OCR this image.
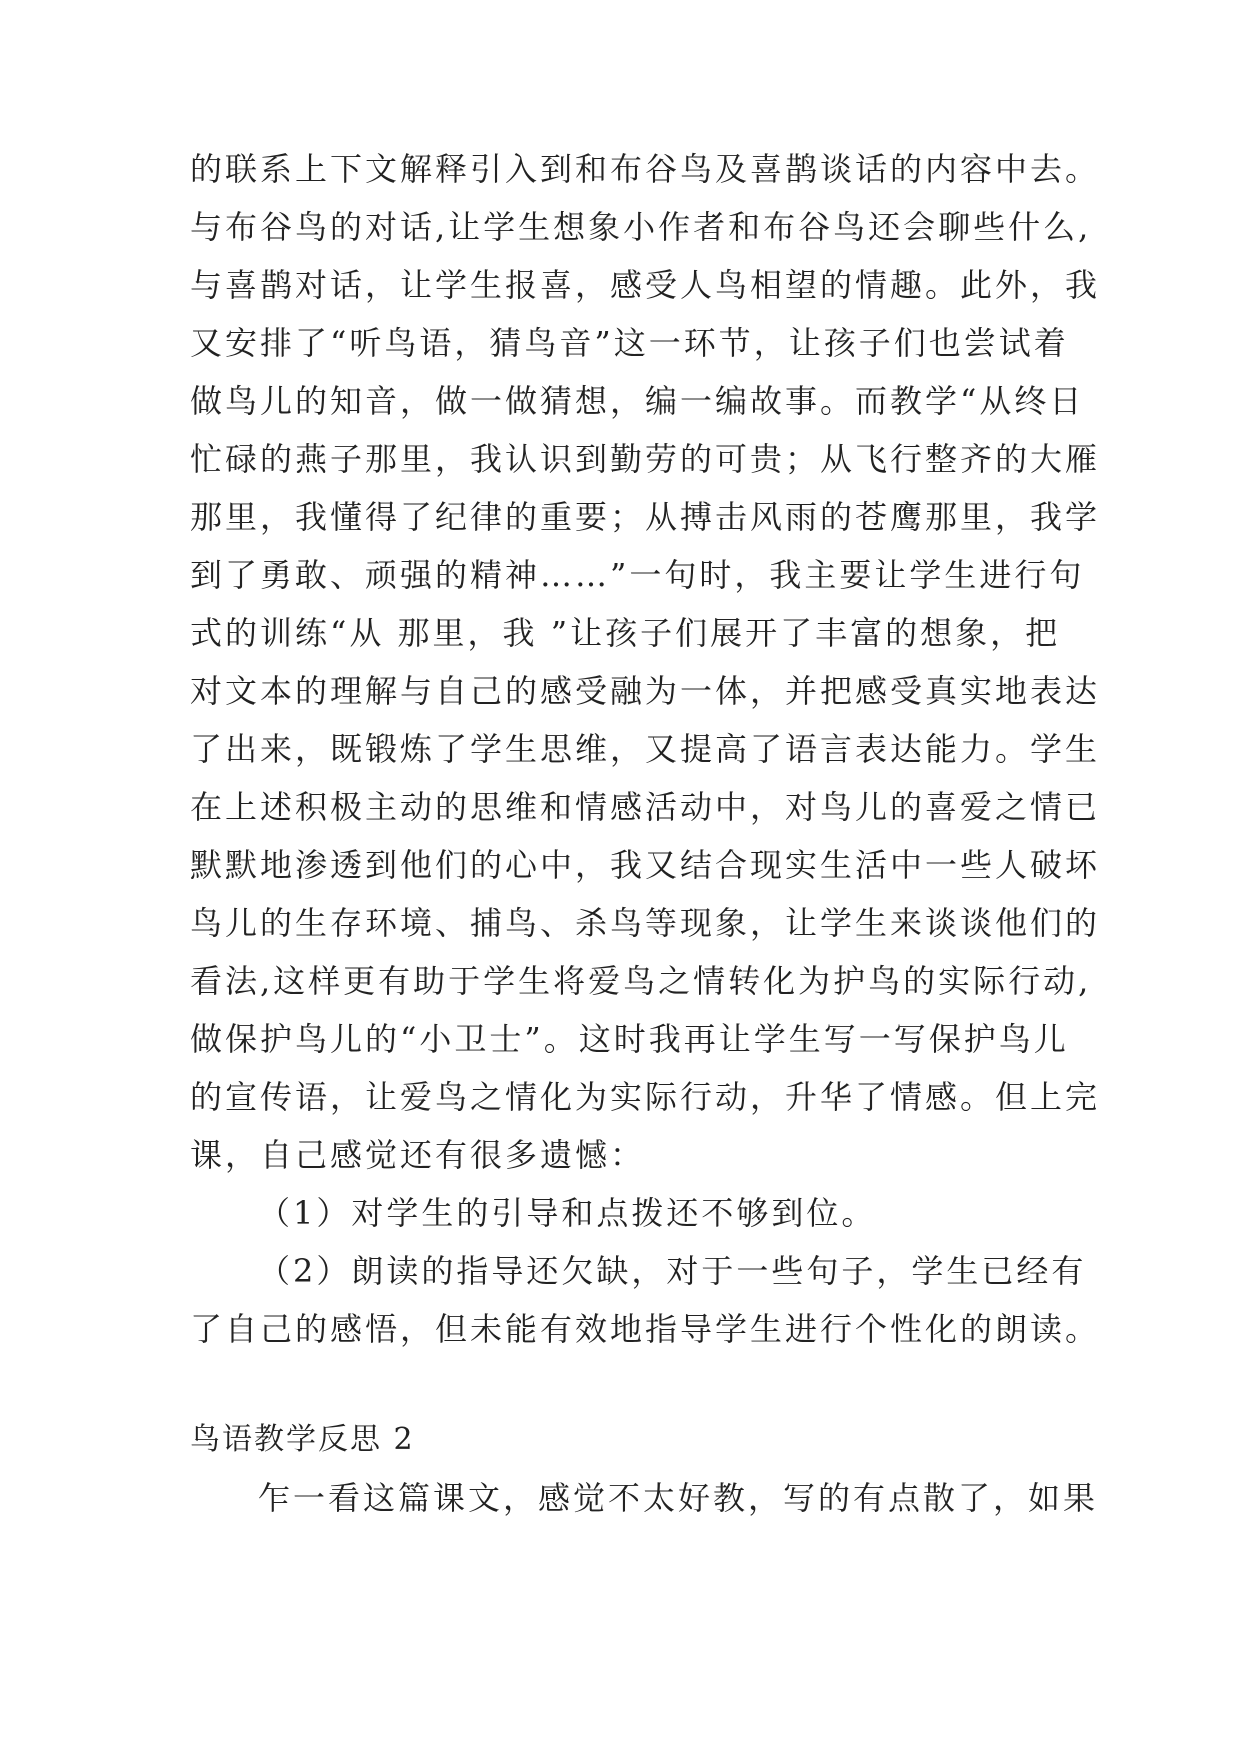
的联系上下文解释引入到和布谷鸟及喜鹊谈话的内容中去。
与布谷鸟的对话,让学生想象小作者和布谷鸟还会聊些什么,
与喜鹊对话，让学生报喜，感受人鸟相望的情趣。此外，我
又安排了“听鸟语，猜鸟音”这一环节，让孩子们也尝试着
做鸟儿的知音，做一做猜想，编一编故事。而教学“从终日
忙碌的燕子那里，我认识到勤劳的可贵；从飞行整齐的大雁
那里，我懂得了纪律的重要；从搏击风雨的苍鹰那里，我学
到了勇敢、顽强的精神……”一句时，我主要让学生进行句
式的训练“从 那里，我 ”让孩子们展开了丰富的想象，把
对文本的理解与自己的感受融为一体，并把感受真实地表达
了出来，既锻炼了学生思维，又提高了语言表达能力。学生
在上述积极主动的思维和情感活动中，对鸟儿的喜爱之情已
默默地渗透到他们的心中，我又结合现实生活中一些人破坏
鸟儿的生存环境、捕鸟、杀鸟等现象，让学生来谈谈他们的
看法,这样更有助于学生将爱鸟之情转化为护鸟的实际行动,
做保护鸟儿的“小卫士”。这时我再让学生写一写保护鸟儿
的宣传语，让爱鸟之情化为实际行动，升华了情感。但上完
课，自己感觉还有很多遗憾：
（1）对学生的引导和点拨还不够到位。
（2）朗读的指导还欠缺，对于一些句子，学生已经有
了自己的感悟，但未能有效地指导学生进行个性化的朗读。
鸟语教学反思 2
乍一看这篇课文，感觉不太好教，写的有点散了，如果
